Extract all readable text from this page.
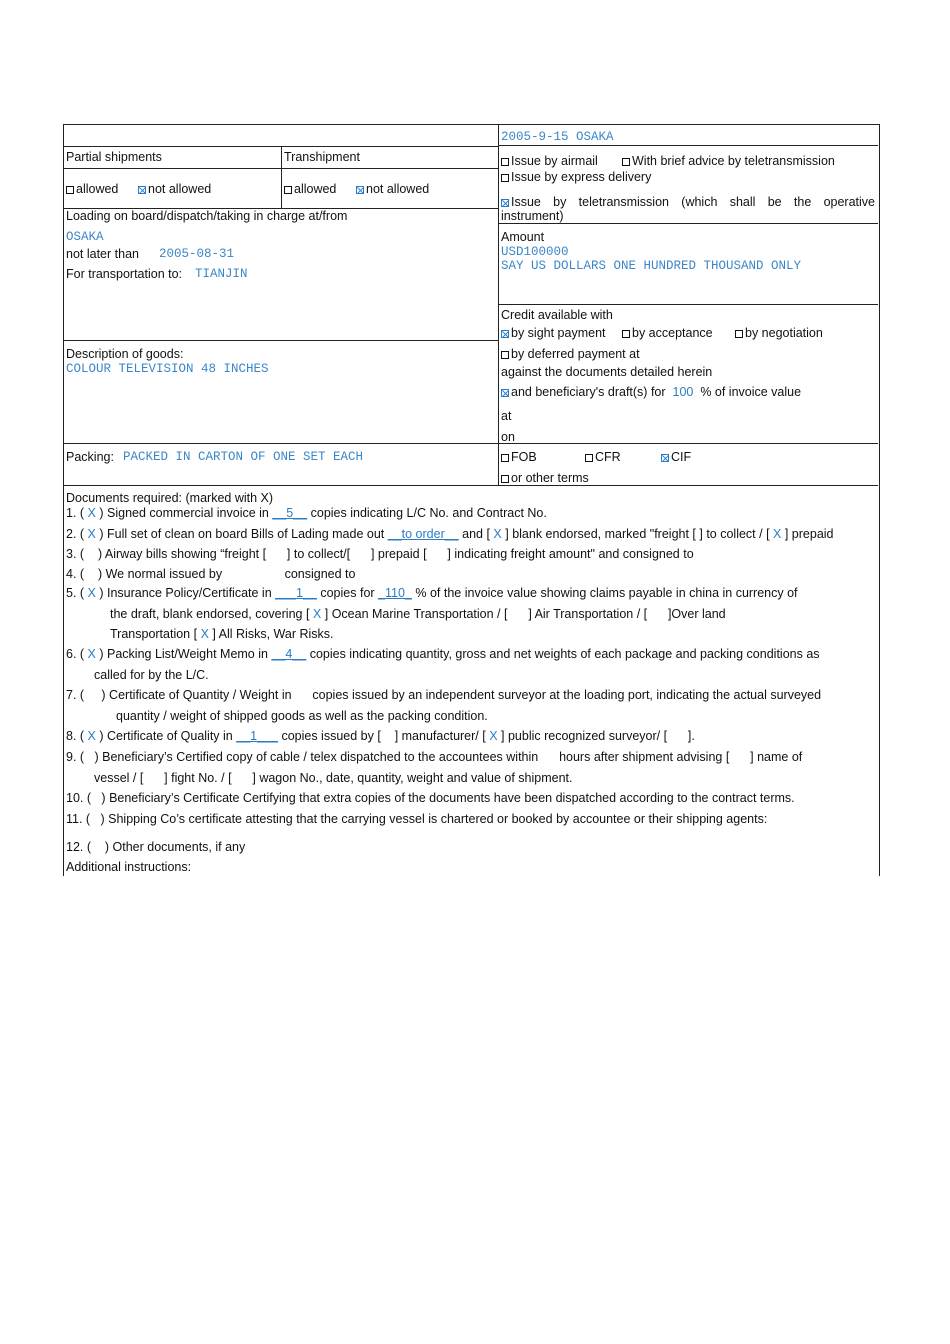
2005-9-15 OSAKA
Partial shipments	Transhipment
allowed	not allowed	allowed	not allowed
Issue by airmail	With brief advice by teletransmission
Issue by express delivery
Issue by teletransmission (which shall be the operative instrument)
Loading on board/dispatch/taking in charge at/from
OSAKA
not later than 2005-08-31
For transportation to: TIANJIN
Amount
USD100000
SAY US DOLLARS ONE HUNDRED THOUSAND ONLY
Credit available with
by sight payment	by acceptance	by negotiation
by deferred payment at
against the documents detailed herein
and beneficiary's draft(s) for 100 % of invoice value
at
on
Description of goods:
COLOUR TELEVISION 48 INCHES
Packing: PACKED IN CARTON OF ONE SET EACH	FOB	CFR	CIF
or other terms
Documents required: (marked with X)
1. ( X ) Signed commercial invoice in __5__ copies indicating L/C No. and Contract No.
2. ( X ) Full set of clean on board Bills of Lading made out __to order__ and [ X ] blank endorsed, marked "freight [ ] to collect / [ X ] prepaid
3. (    ) Airway bills showing “freight [      ] to collect/[      ] prepaid [      ] indicating freight amount" and consigned to
4. (    ) We normal issued by                  consigned to
5. ( X ) Insurance Policy/Certificate in ___1__ copies for _110_ % of the invoice value showing claims payable in china in currency of
the draft, blank endorsed, covering [ X ] Ocean Marine Transportation / [      ] Air Transportation / [      ]Over land
Transportation [ X ] All Risks, War Risks.
6. ( X ) Packing List/Weight Memo in __4__ copies indicating quantity, gross and net weights of each package and packing conditions as
called for by the L/C.
7. (     ) Certificate of Quantity / Weight in      copies issued by an independent surveyor at the loading port, indicating the actual surveyed
quantity / weight of shipped goods as well as the packing condition.
8. ( X ) Certificate of Quality in __1___ copies issued by [    ] manufacturer/ [ X ] public recognized surveyor/ [      ].
9. (   ) Beneficiary’s Certified copy of cable / telex dispatched to the accountees within      hours after shipment advising [      ] name of
vessel / [      ] fight No. / [      ] wagon No., date, quantity, weight and value of shipment.
10. (   ) Beneficiary’s Certificate Certifying that extra copies of the documents have been dispatched according to the contract terms.
11. (   ) Shipping Co’s certificate attesting that the carrying vessel is chartered or booked by accountee or their shipping agents:
12. (    ) Other documents, if any
Additional instructions:
